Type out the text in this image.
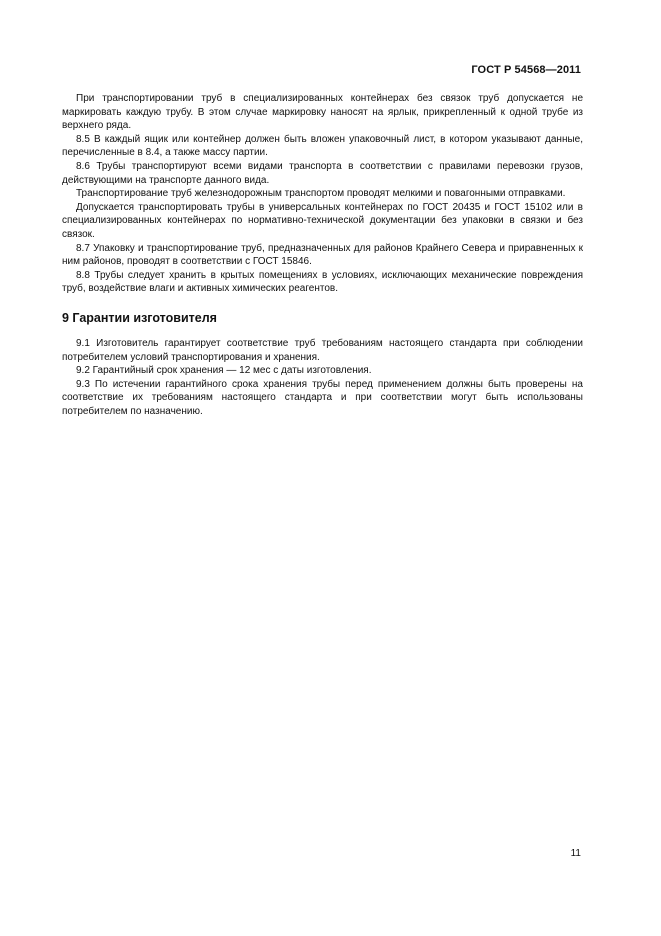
ГОСТ Р 54568—2011

При транспортировании труб в специализированных контейнерах без связок труб допускается не маркировать каждую трубу. В этом случае маркировку наносят на ярлык, прикрепленный к одной трубе из верхнего ряда.

8.5 В каждый ящик или контейнер должен быть вложен упаковочный лист, в котором указывают данные, перечисленные в 8.4, а также массу партии.

8.6 Трубы транспортируют всеми видами транспорта в соответствии с правилами перевозки грузов, действующими на транспорте данного вида.

Транспортирование труб железнодорожным транспортом проводят мелкими и повагонными отправками.

Допускается транспортировать трубы в универсальных контейнерах по ГОСТ 20435 и ГОСТ 15102 или в специализированных контейнерах по нормативно-технической документации без упаковки в связки и без связок.

8.7 Упаковку и транспортирование труб, предназначенных для районов Крайнего Севера и приравненных к ним районов, проводят в соответствии с ГОСТ 15846.

8.8 Трубы следует хранить в крытых помещениях в условиях, исключающих механические повреждения труб, воздействие влаги и активных химических реагентов.

9 Гарантии изготовителя

9.1 Изготовитель гарантирует соответствие труб требованиям настоящего стандарта при соблюдении потребителем условий транспортирования и хранения.

9.2 Гарантийный срок хранения — 12 мес с даты изготовления.

9.3 По истечении гарантийного срока хранения трубы перед применением должны быть проверены на соответствие их требованиям настоящего стандарта и при соответствии могут быть использованы потребителем по назначению.

11
